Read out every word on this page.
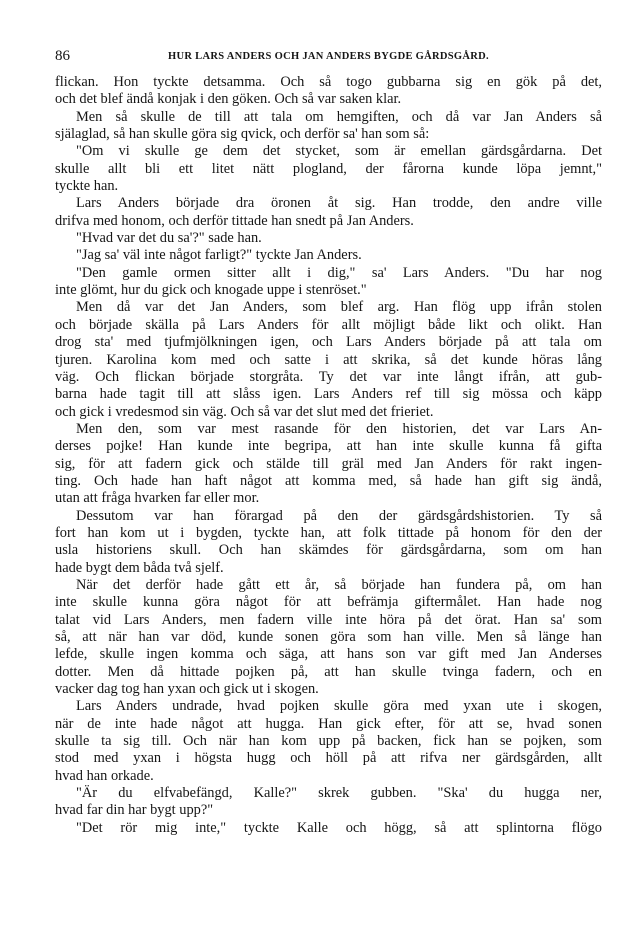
86	HUR LARS ANDERS OCH JAN ANDERS BYGDE GÅRDSGÅRD.
flickan. Hon tyckte detsamma. Och så togo gubbarna sig en gök på det,
och det blef ändå konjak i den göken. Och så var saken klar.
Men så skulle de till att tala om hemgiften, och då var Jan Anders så
själaglad, så han skulle göra sig qvick, och derför sa' han som så:
"Om vi skulle ge dem det stycket, som är emellan gärdsgårdarna. Det
skulle allt bli ett litet nätt plogland, der fårorna kunde löpa jemnt,"
tyckte han.
Lars Anders började dra öronen åt sig. Han trodde, den andre ville
drifva med honom, och derför tittade han snedt på Jan Anders.
"Hvad var det du sa'?" sade han.
"Jag sa' väl inte något farligt?" tyckte Jan Anders.
"Den gamle ormen sitter allt i dig," sa' Lars Anders. "Du har nog
inte glömt, hur du gick och knogade uppe i stenröset."
Men då var det Jan Anders, som blef arg. Han flög upp ifrån stolen
och började skälla på Lars Anders för allt möjligt både likt och olikt. Han
drog sta' med tjufmjölkningen igen, och Lars Anders började på att tala om
tjuren. Karolina kom med och satte i att skrika, så det kunde höras lång
väg. Och flickan började storgråta. Ty det var inte långt ifrån, att gub-
barna hade tagit till att slåss igen. Lars Anders ref till sig mössa och käpp
och gick i vredesmod sin väg. Och så var det slut med det frieriet.
Men den, som var mest rasande för den historien, det var Lars An-
derses pojke! Han kunde inte begripa, att han inte skulle kunna få gifta
sig, för att fadern gick och stälde till gräl med Jan Anders för rakt ingen-
ting. Och hade han haft något att komma med, så hade han gift sig ändå,
utan att fråga hvarken far eller mor.
Dessutom var han förargad på den der gärdsgårdshistorien. Ty så
fort han kom ut i bygden, tyckte han, att folk tittade på honom för den der
usla historiens skull. Och han skämdes för gärdsgårdarna, som om han
hade bygt dem båda två sjelf.
När det derför hade gått ett år, så började han fundera på, om han
inte skulle kunna göra något för att befrämja giftermålet. Han hade nog
talat vid Lars Anders, men fadern ville inte höra på det örat. Han sa' som
så, att när han var död, kunde sonen göra som han ville. Men så länge han
lefde, skulle ingen komma och säga, att hans son var gift med Jan Anderses
dotter. Men då hittade pojken på, att han skulle tvinga fadern, och en
vacker dag tog han yxan och gick ut i skogen.
Lars Anders undrade, hvad pojken skulle göra med yxan ute i skogen,
när de inte hade något att hugga. Han gick efter, för att se, hvad sonen
skulle ta sig till. Och när han kom upp på backen, fick han se pojken, som
stod med yxan i högsta hugg och höll på att rifva ner gärdsgården, allt
hvad han orkade.
"Är du elfvabefängd, Kalle?" skrek gubben. "Ska' du hugga ner,
hvad far din har bygt upp?"
"Det rör mig inte," tyckte Kalle och högg, så att splintorna flögo
